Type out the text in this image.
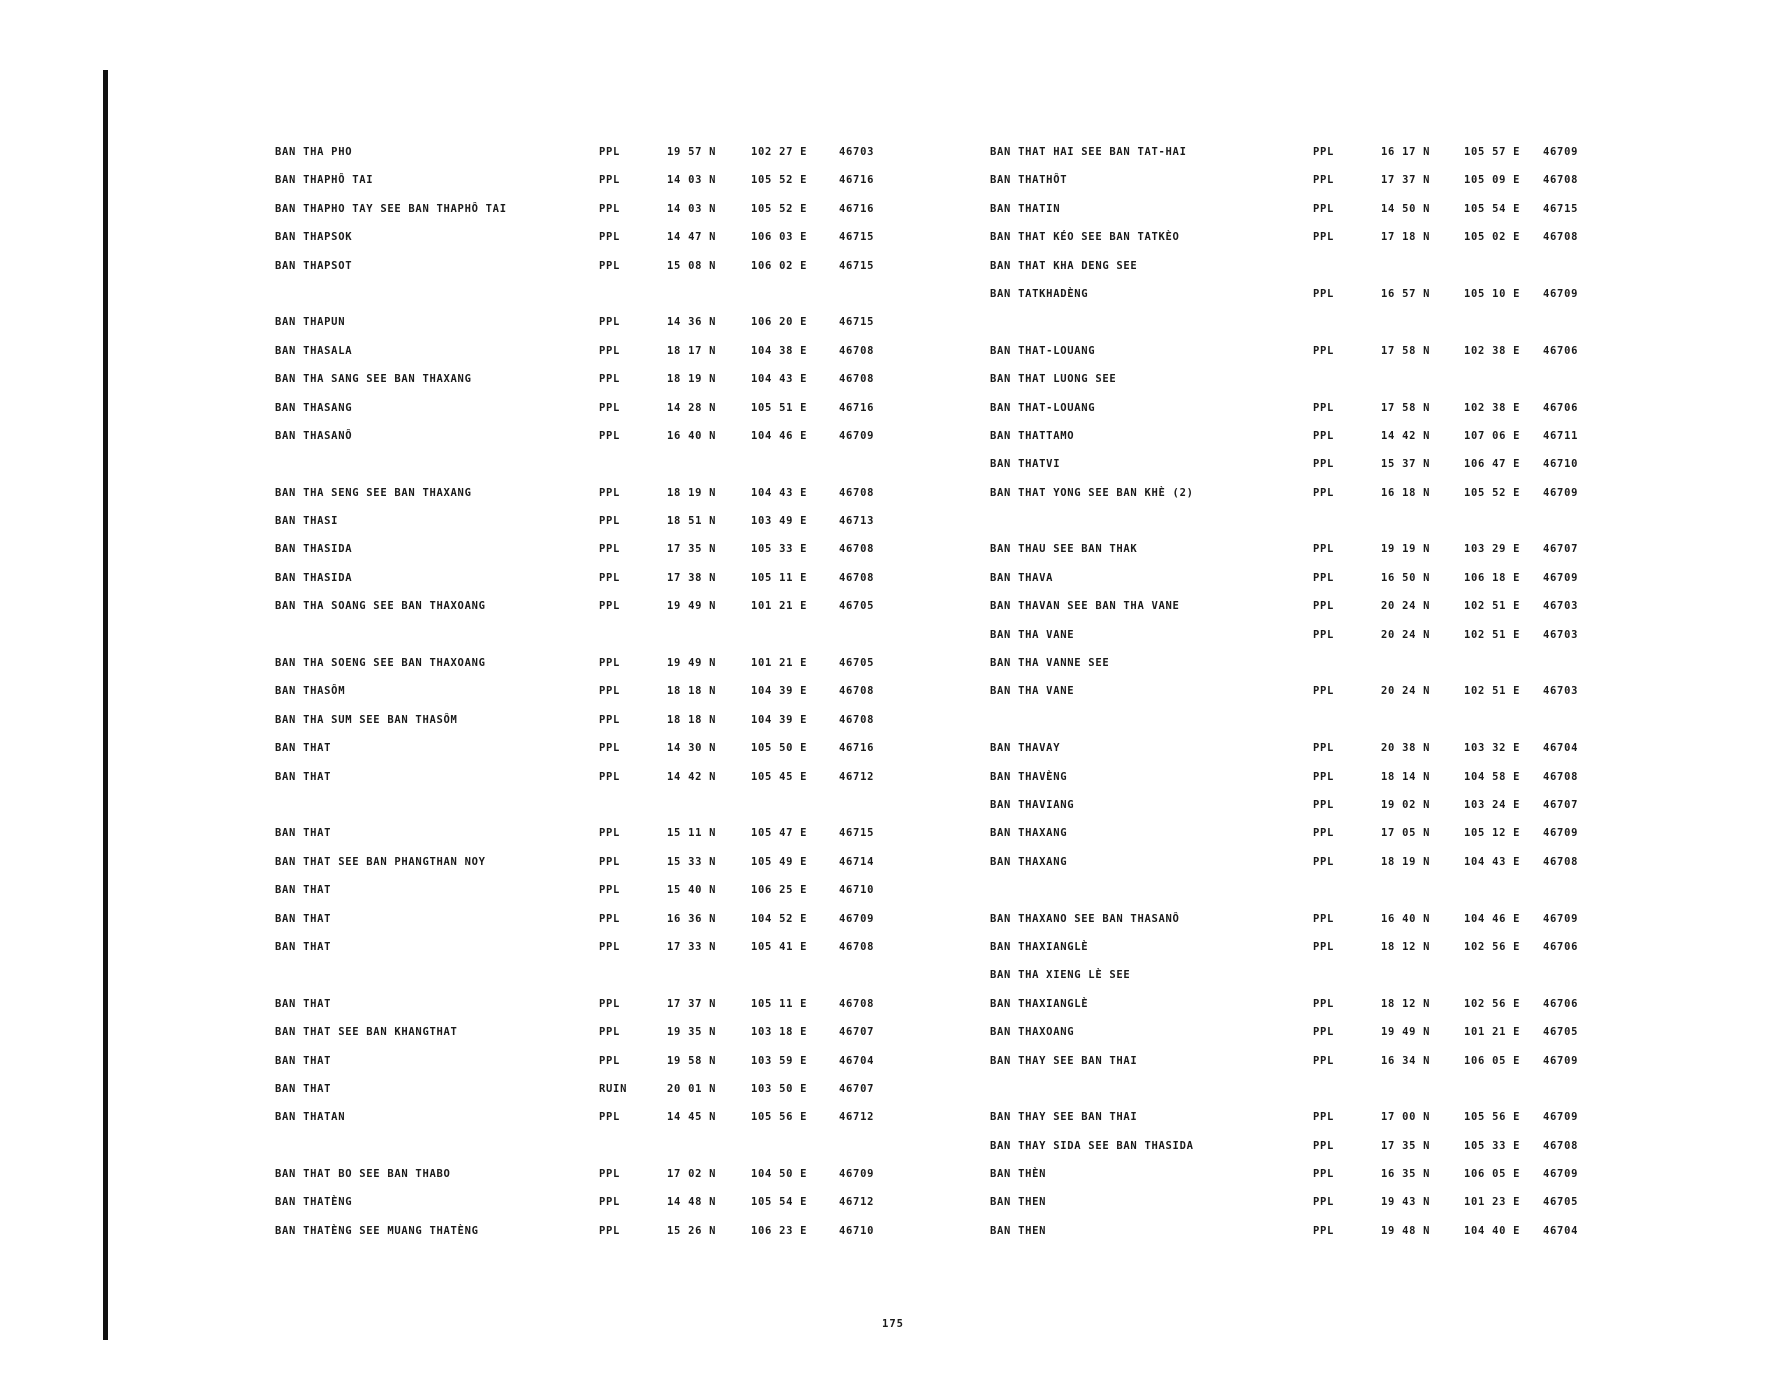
BAN THA PHO	PPL	19 57 N	102 27 E	46703
BAN THAPHÔ TAI	PPL	14 03 N	105 52 E	46716
BAN THAPHO TAY SEE BAN THAPHÔ TAI	PPL	14 03 N	105 52 E	46716
BAN THAPSOK	PPL	14 47 N	106 03 E	46715
BAN THAPSOT	PPL	15 08 N	106 02 E	46715
BAN THAPUN	PPL	14 36 N	106 20 E	46715
BAN THASALA	PPL	18 17 N	104 38 E	46708
BAN THA SANG SEE BAN THAXANG	PPL	18 19 N	104 43 E	46708
BAN THASANG	PPL	14 28 N	105 51 E	46716
BAN THASANÔ	PPL	16 40 N	104 46 E	46709
BAN THA SENG SEE BAN THAXANG	PPL	18 19 N	104 43 E	46708
BAN THASI	PPL	18 51 N	103 49 E	46713
BAN THASIDA	PPL	17 35 N	105 33 E	46708
BAN THASIDA	PPL	17 38 N	105 11 E	46708
BAN THA SOANG SEE BAN THAXOANG	PPL	19 49 N	101 21 E	46705
BAN THA SOENG SEE BAN THAXOANG	PPL	19 49 N	101 21 E	46705
BAN THASÔM	PPL	18 18 N	104 39 E	46708
BAN THA SUM SEE BAN THASÔM	PPL	18 18 N	104 39 E	46708
BAN THAT	PPL	14 30 N	105 50 E	46716
BAN THAT	PPL	14 42 N	105 45 E	46712
BAN THAT	PPL	15 11 N	105 47 E	46715
BAN THAT SEE BAN PHANGTHAN NOY	PPL	15 33 N	105 49 E	46714
BAN THAT	PPL	15 40 N	106 25 E	46710
BAN THAT	PPL	16 36 N	104 52 E	46709
BAN THAT	PPL	17 33 N	105 41 E	46708
BAN THAT	PPL	17 37 N	105 11 E	46708
BAN THAT SEE BAN KHANGTHAT	PPL	19 35 N	103 18 E	46707
BAN THAT	PPL	19 58 N	103 59 E	46704
BAN THAT	RUIN	20 01 N	103 50 E	46707
BAN THATAN	PPL	14 45 N	105 56 E	46712
BAN THAT BO SEE BAN THABO	PPL	17 02 N	104 50 E	46709
BAN THATÈNG	PPL	14 48 N	105 54 E	46712
BAN THATÈNG SEE MUANG THATÈNG	PPL	15 26 N	106 23 E	46710
BAN THAT HAI SEE BAN TAT-HAI	PPL	16 17 N	105 57 E 46709
BAN THATHÔT	PPL	17 37 N	105 09 E 46708
BAN THATIN	PPL	14 50 N	105 54 E 46715
BAN THAT KÉO SEE BAN TATKÈO	PPL	17 18 N	105 02 E 46708
BAN THAT KHA DENG SEE
BAN TATKHADÈNG	PPL	16 57 N	105 10 E 46709
BAN THAT-LOUANG	PPL	17 58 N	102 38 E 46706
BAN THAT LUONG SEE
BAN THAT-LOUANG	PPL	17 58 N	102 38 E 46706
BAN THATTAMO	PPL	14 42 N	107 06 E 46711
BAN THATVI	PPL	15 37 N	106 47 E 46710
BAN THAT YONG SEE BAN KHÈ (2)	PPL	16 18 N	105 52 E 46709
BAN THAU SEE BAN THAK	PPL	19 19 N	103 29 E 46707
BAN THAVA	PPL	16 50 N	106 18 E 46709
BAN THAVAN SEE BAN THA VANE	PPL	20 24 N	102 51 E 46703
BAN THA VANE	PPL	20 24 N	102 51 E 46703
BAN THA VANNE SEE
BAN THA VANE	PPL	20 24 N	102 51 E 46703
BAN THAVAY	PPL	20 38 N	103 32 E 46704
BAN THAVÈNG	PPL	18 14 N	104 58 E 46708
BAN THAVIANG	PPL	19 02 N	103 24 E 46707
BAN THAXANG	PPL	17 05 N	105 12 E 46709
BAN THAXANG	PPL	18 19 N	104 43 E 46708
BAN THAXANO SEE BAN THASANÔ	PPL	16 40 N	104 46 E 46709
BAN THAXIANGLÈ	PPL	18 12 N	102 56 E 46706
BAN THA XIENG LÈ SEE
BAN THAXIANGLÈ	PPL	18 12 N	102 56 E 46706
BAN THAXOANG	PPL	19 49 N	101 21 E 46705
BAN THAY SEE BAN THAI	PPL	16 34 N	106 05 E 46709
BAN THAY SEE BAN THAI	PPL	17 00 N	105 56 E 46709
BAN THAY SIDA SEE BAN THASIDA	PPL	17 35 N	105 33 E 46708
BAN THÈN	PPL	16 35 N	106 05 E 46709
BAN THEN	PPL	19 43 N	101 23 E 46705
BAN THEN	PPL	19 48 N	104 40 E 46704
175
